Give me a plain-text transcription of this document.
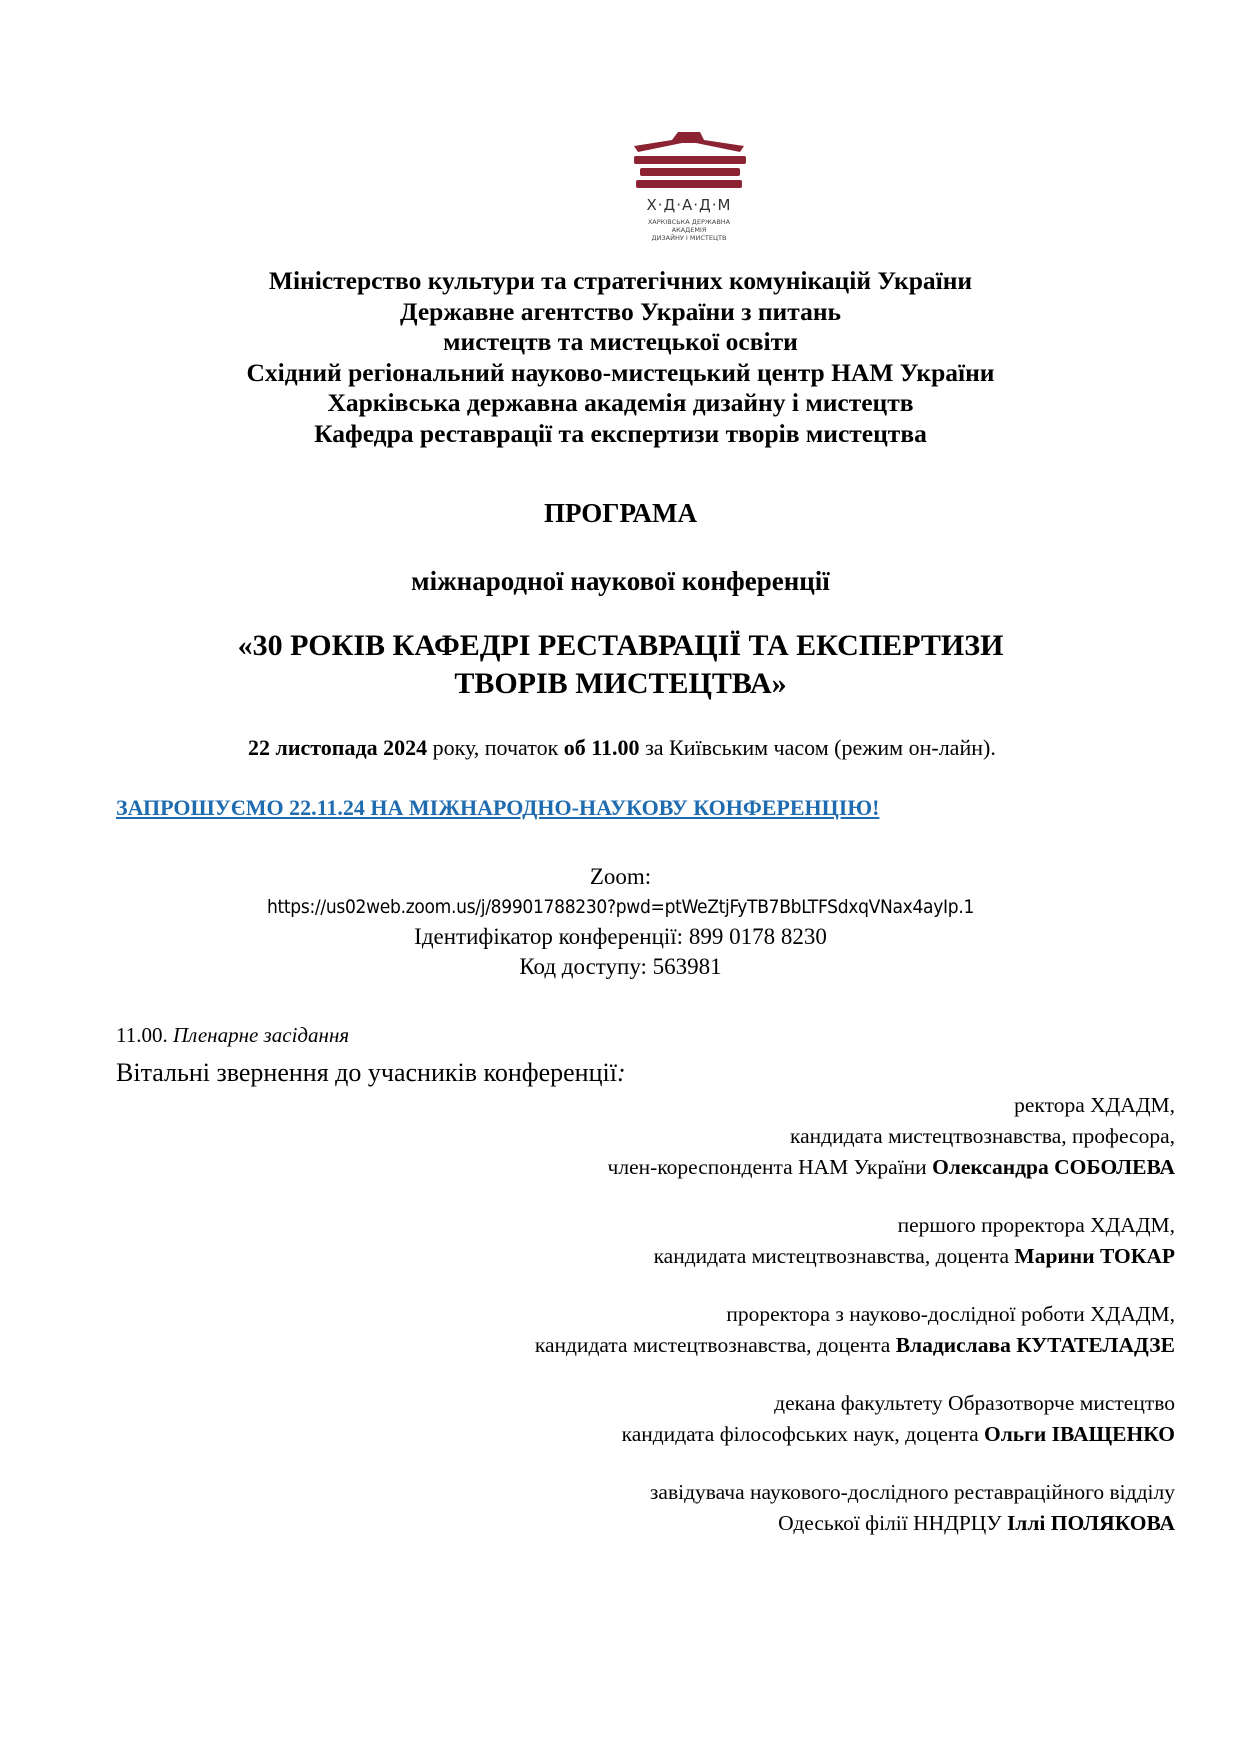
Х·Д·А·Д·М
ХАРКІВСЬКА ДЕРЖАВНА АКАДЕМІЯ
ДИЗАЙНУ І МИСТЕЦТВ
Міністерство культури та стратегічних комунікацій України
Державне агентство України з питань
мистецтв та мистецької освіти
Східний регіональний науково-мистецький центр НАМ України
Харківська державна академія дизайну і мистецтв
Кафедра реставрації та експертизи творів мистецтва
ПРОГРАМА
міжнародної наукової конференції
«30 РОКІВ КАФЕДРІ РЕСТАВРАЦІЇ ТА ЕКСПЕРТИЗИ
ТВОРІВ МИСТЕЦТВА»
22 листопада 2024 року, початок об 11.00 за Київським часом (режим он-лайн).
ЗАПРОШУЄМО 22.11.24 НА МІЖНАРОДНО-НАУКОВУ КОНФЕРЕНЦІЮ!
Zoom:
https://us02web.zoom.us/j/89901788230?pwd=ptWeZtjFyTB7BbLTFSdxqVNax4ayIp.1
Ідентифікатор конференції: 899 0178 8230
Код доступу: 563981
11.00. Пленарне засідання
Вітальні звернення до учасників конференції:
ректора ХДАДМ,
кандидата мистецтвознавства, професора,
член-кореспондента НАМ України Олександра СОБОЛЕВА
першого проректора ХДАДМ,
кандидата мистецтвознавства, доцента Марини ТОКАР
проректора з науково-дослідної роботи ХДАДМ,
кандидата мистецтвознавства, доцента Владислава КУТАТЕЛАДЗЕ
декана факультету Образотворче мистецтво
кандидата філософських наук, доцента Ольги ІВАЩЕНКО
завідувача наукового-дослідного реставраційного відділу
Одеської філії ННДРЦУ Іллі ПОЛЯКОВА
